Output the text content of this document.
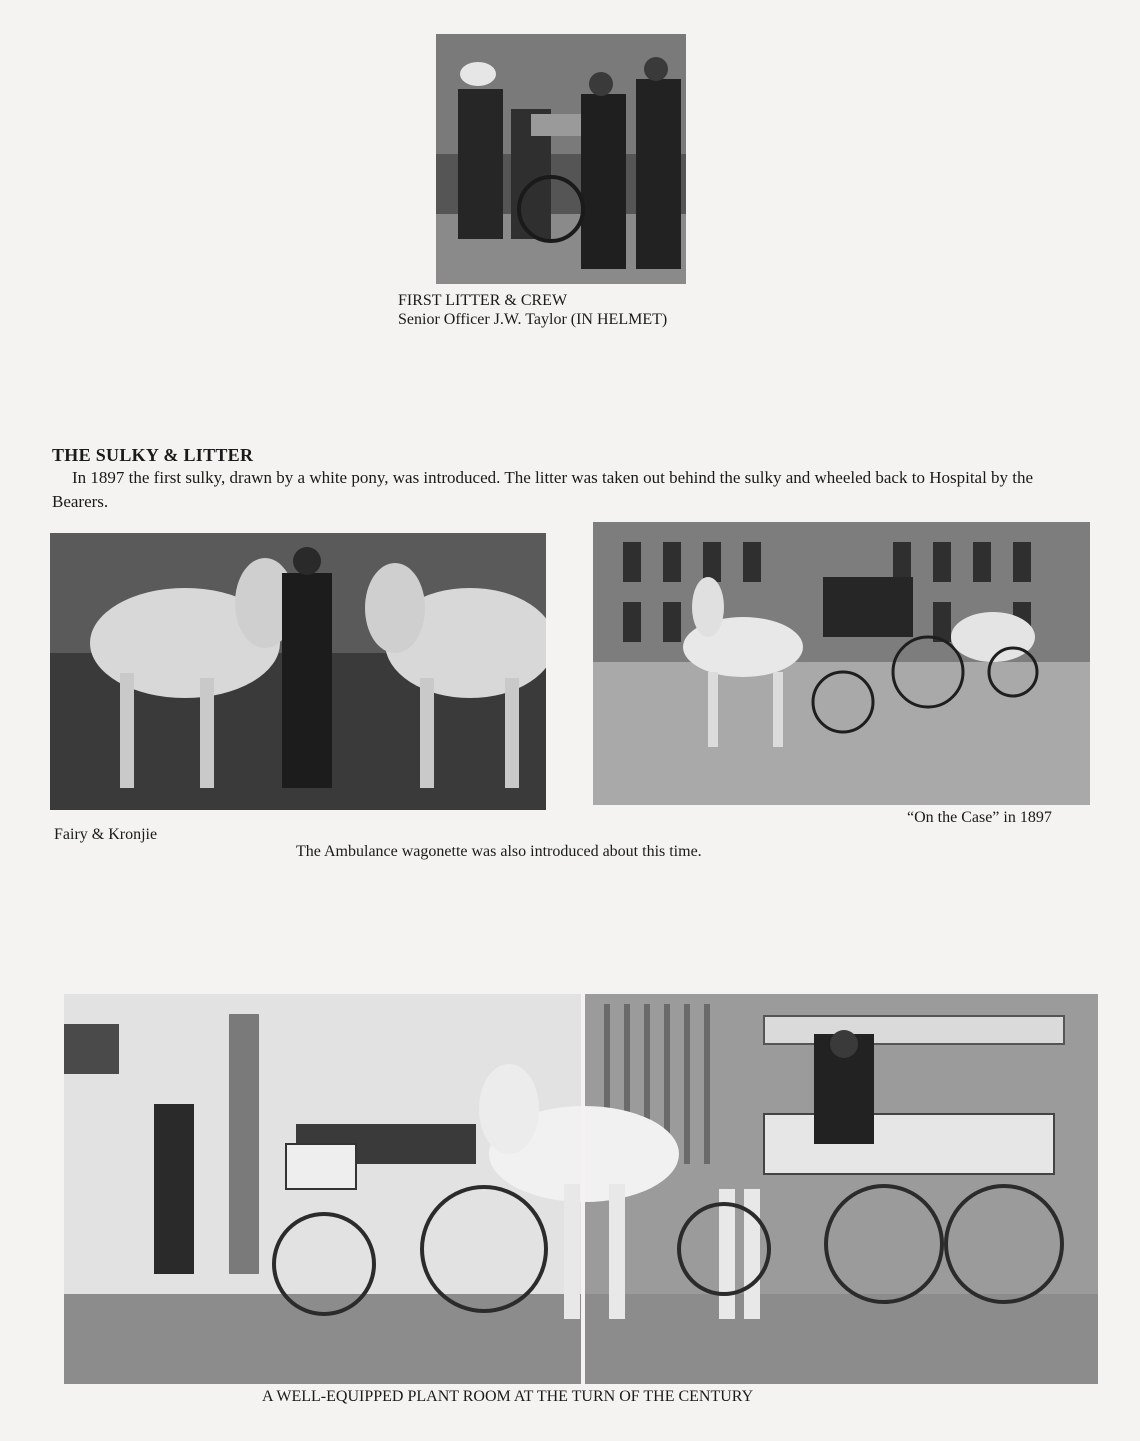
FIRST LITTER & CREW
Senior Officer J.W. Taylor (IN HELMET)
THE SULKY & LITTER
In 1897 the first sulky, drawn by a white pony, was introduced. The litter was taken out behind the sulky and wheeled back to Hospital by the Bearers.
Fairy & Kronjie
“On the Case” in 1897
The Ambulance wagonette was also introduced about this time.
A WELL-EQUIPPED PLANT ROOM AT THE TURN OF THE CENTURY
